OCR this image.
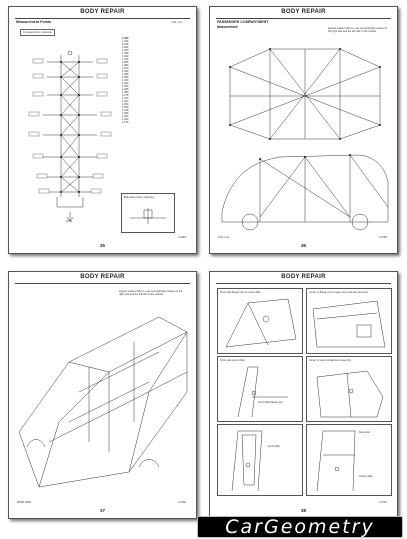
BODY REPAIR
Measurement Points	Unit: mm
As viewed from underside
Front
1,090
1,234
1,155
1,262
1,500
1,408
1,262
1,410
2,065
1,384
1,510
1,362
1,308
1,506
1,660
1,262
1,054
1,405
1,380
1,270
1,344
1,252
1,354
1,000
1,108
1,084
1,362
1,440
1,126
Bolt-head center, tightening
L0464
35
BODY REPAIR
PASSENGER COMPARTMENT
Measurement	Figures marked with a + are symmetrically located on the right side and the left side of the vehicle.
Unit: mm	L0765
36
BODY REPAIR
Figures marked with a + are symmetrically located on the right side and the left side of the vehicle.
M062 1050	L0766
37
BODY REPAIR
Front side flange hole of center pillar	Center of flange end of upper rear seat belt assembly
Front side center pillar
Front pillar flange joint
Center of rear compartment assembly
Front pillar
Rear door
Center pillar
L0767
38
CarGeometry
